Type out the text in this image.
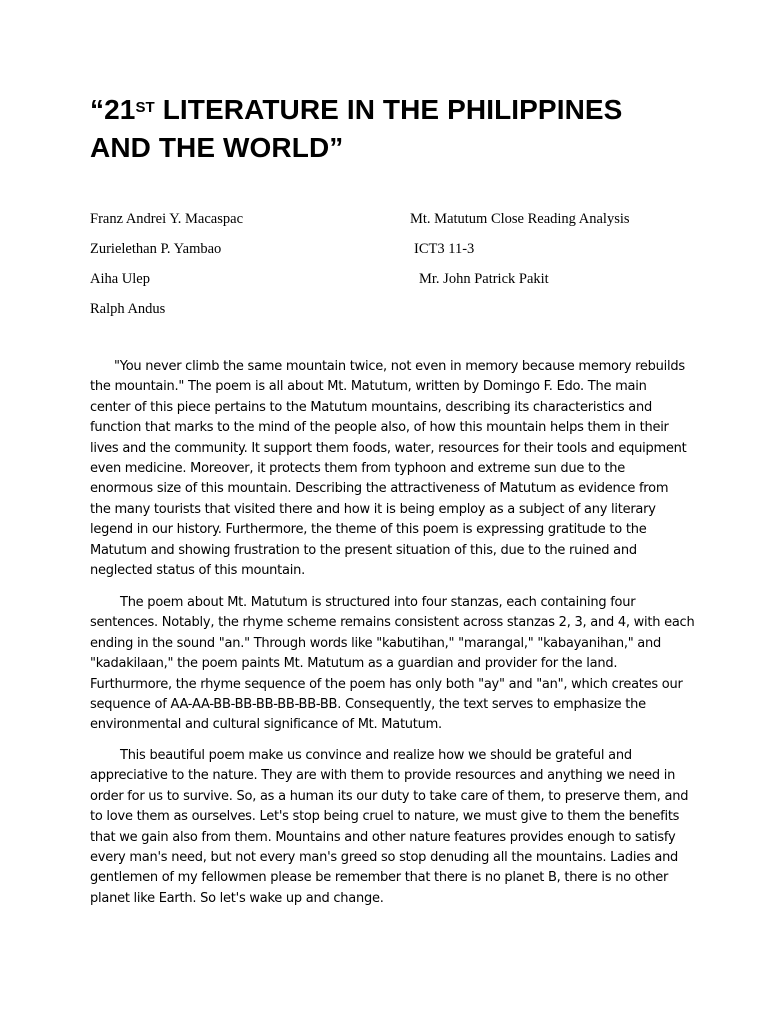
“21ST LITERATURE IN THE PHILIPPINES
AND THE WORLD”
Franz Andrei Y. Macaspac	Mt. Matutum Close Reading Analysis
Zurielethan P. Yambao	ICT3 11-3
Aiha Ulep	Mr. John Patrick Pakit
Ralph Andus

"You never climb the same mountain twice, not even in memory because memory rebuilds
the mountain." The poem is all about Mt. Matutum, written by Domingo F. Edo. The main
center of this piece pertains to the Matutum mountains, describing its characteristics and
function that marks to the mind of the people also, of how this mountain helps them in their
lives and the community. It support them foods, water, resources for their tools and equipment
even medicine. Moreover, it protects them from typhoon and extreme sun due to the
enormous size of this mountain. Describing the attractiveness of Matutum as evidence from
the many tourists that visited there and how it is being employ as a subject of any literary
legend in our history. Furthermore, the theme of this poem is expressing gratitude to the
Matutum and showing frustration to the present situation of this, due to the ruined and
neglected status of this mountain.

The poem about Mt. Matutum is structured into four stanzas, each containing four
sentences. Notably, the rhyme scheme remains consistent across stanzas 2, 3, and 4, with each
ending in the sound "an." Through words like "kabutihan," "marangal," "kabayanihan," and
"kadakilaan," the poem paints Mt. Matutum as a guardian and provider for the land.
Furthurmore, the rhyme sequence of the poem has only both "ay" and "an", which creates our
sequence of AA-AA-BB-BB-BB-BB-BB-BB. Consequently, the text serves to emphasize the
environmental and cultural significance of Mt. Matutum.

This beautiful poem make us convince and realize how we should be grateful and
appreciative to the nature. They are with them to provide resources and anything we need in
order for us to survive. So, as a human its our duty to take care of them, to preserve them, and
to love them as ourselves. Let's stop being cruel to nature, we must give to them the benefits
that we gain also from them. Mountains and other nature features provides enough to satisfy
every man's need, but not every man's greed so stop denuding all the mountains. Ladies and
gentlemen of my fellowmen please be remember that there is no planet B, there is no other
planet like Earth. So let's wake up and change.
